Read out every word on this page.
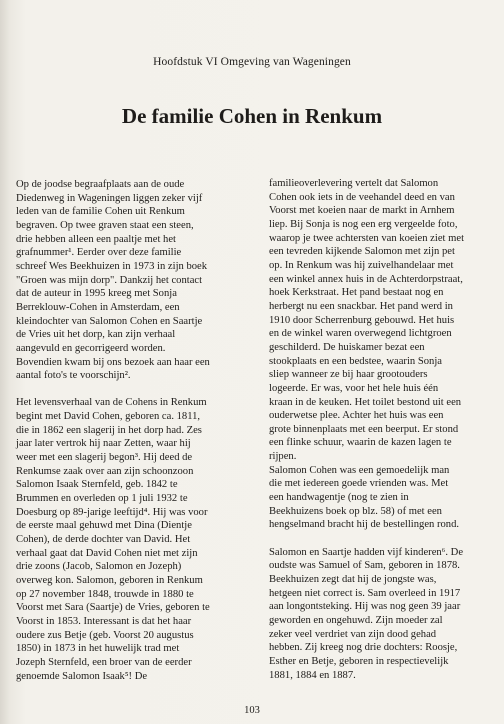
Hoofdstuk VI Omgeving van Wageningen
De familie Cohen in Renkum
Op de joodse begraafplaats aan de oude
Diedenweg in Wageningen liggen zeker vijf
leden van de familie Cohen uit Renkum
begraven. Op twee graven staat een steen,
drie hebben alleen een paaltje met het
grafnummer¹. Eerder over deze familie
schreef Wes Beekhuizen in 1973 in zijn boek
"Groen was mijn dorp". Dankzij het contact
dat de auteur in 1995 kreeg met Sonja
Berreklouw-Cohen in Amsterdam, een
kleindochter van Salomon Cohen en Saartje
de Vries uit het dorp, kan zijn verhaal
aangevuld en gecorrigeerd worden.
Bovendien kwam bij ons bezoek aan haar een
aantal foto's te voorschijn².
Het levensverhaal van de Cohens in Renkum
begint met David Cohen, geboren ca. 1811,
die in 1862 een slagerij in het dorp had. Zes
jaar later vertrok hij naar Zetten, waar hij
weer met een slagerij begon³. Hij deed de
Renkumse zaak over aan zijn schoonzoon
Salomon Isaak Sternfeld, geb. 1842 te
Brummen en overleden op 1 juli 1932 te
Doesburg op 89-jarige leeftijd⁴. Hij was voor
de eerste maal gehuwd met Dina (Dientje
Cohen), de derde dochter van David. Het
verhaal gaat dat David Cohen niet met zijn
drie zoons (Jacob, Salomon en Jozeph)
overweg kon. Salomon, geboren in Renkum
op 27 november 1848, trouwde in 1880 te
Voorst met Sara (Saartje) de Vries, geboren te
Voorst in 1853. Interessant is dat het haar
oudere zus Betje (geb. Voorst 20 augustus
1850) in 1873 in het huwelijk trad met
Jozeph Sternfeld, een broer van de eerder
genoemde Salomon Isaak⁵! De
familieoverlevering vertelt dat Salomon
Cohen ook iets in de veehandel deed en van
Voorst met koeien naar de markt in Arnhem
liep. Bij Sonja is nog een erg vergeelde foto,
waarop je twee achtersten van koeien ziet met
een tevreden kijkende Salomon met zijn pet
op. In Renkum was hij zuivelhandelaar met
een winkel annex huis in de Achterdorpstraat,
hoek Kerkstraat. Het pand bestaat nog en
herbergt nu een snackbar. Het pand werd in
1910 door Scherrenburg gebouwd. Het huis
en de winkel waren overwegend lichtgroen
geschilderd. De huiskamer bezat een
stookplaats en een bedstee, waarin Sonja
sliep wanneer ze bij haar grootouders
logeerde. Er was, voor het hele huis één
kraan in de keuken. Het toilet bestond uit een
ouderwetse plee. Achter het huis was een
grote binnenplaats met een beerput. Er stond
een flinke schuur, waarin de kazen lagen te
rijpen.
Salomon Cohen was een gemoedelijk man
die met iedereen goede vrienden was. Met
een handwagentje (nog te zien in
Beekhuizens boek op blz. 58) of met een
hengselmand bracht hij de bestellingen rond.
Salomon en Saartje hadden vijf kinderen⁶. De
oudste was Samuel of Sam, geboren in 1878.
Beekhuizen zegt dat hij de jongste was,
hetgeen niet correct is. Sam overleed in 1917
aan longontsteking. Hij was nog geen 39 jaar
geworden en ongehuwd. Zijn moeder zal
zeker veel verdriet van zijn dood gehad
hebben. Zij kreeg nog drie dochters: Roosje,
Esther en Betje, geboren in respectievelijk
1881, 1884 en 1887.
103
